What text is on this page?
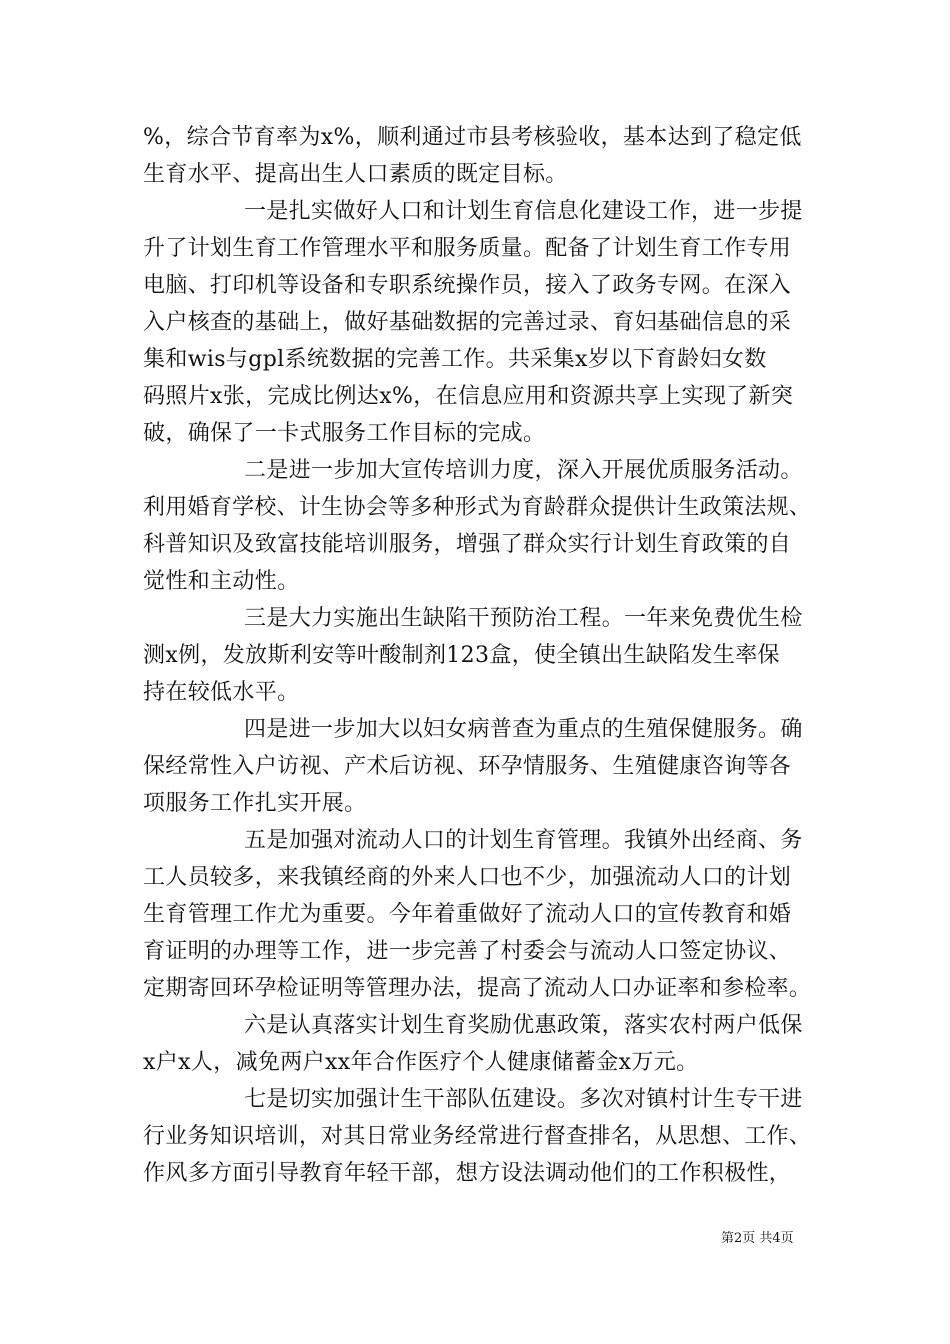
%，综合节育率为x%，顺利通过市县考核验收，基本达到了稳定低
生育水平、提高出生人口素质的既定目标。
一是扎实做好人口和计划生育信息化建设工作，进一步提
升了计划生育工作管理水平和服务质量。配备了计划生育工作专用
电脑、打印机等设备和专职系统操作员，接入了政务专网。在深入
入户核查的基础上，做好基础数据的完善过录、育妇基础信息的采
集和wis与gpl系统数据的完善工作。共采集x岁以下育龄妇女数
码照片x张，完成比例达x%，在信息应用和资源共享上实现了新突
破，确保了一卡式服务工作目标的完成。
二是进一步加大宣传培训力度，深入开展优质服务活动。
利用婚育学校、计生协会等多种形式为育龄群众提供计生政策法规、
科普知识及致富技能培训服务，增强了群众实行计划生育政策的自
觉性和主动性。
三是大力实施出生缺陷干预防治工程。一年来免费优生检
测x例，发放斯利安等叶酸制剂123盒，使全镇出生缺陷发生率保
持在较低水平。
四是进一步加大以妇女病普查为重点的生殖保健服务。确
保经常性入户访视、产术后访视、环孕情服务、生殖健康咨询等各
项服务工作扎实开展。
五是加强对流动人口的计划生育管理。我镇外出经商、务
工人员较多，来我镇经商的外来人口也不少，加强流动人口的计划
生育管理工作尤为重要。今年着重做好了流动人口的宣传教育和婚
育证明的办理等工作，进一步完善了村委会与流动人口签定协议、
定期寄回环孕检证明等管理办法，提高了流动人口办证率和参检率。
六是认真落实计划生育奖励优惠政策，落实农村两户低保
x户x人，减免两户xx年合作医疗个人健康储蓄金x万元。
七是切实加强计生干部队伍建设。多次对镇村计生专干进
行业务知识培训，对其日常业务经常进行督查排名，从思想、工作、
作风多方面引导教育年轻干部，想方设法调动他们的工作积极性，
第2页 共4页
